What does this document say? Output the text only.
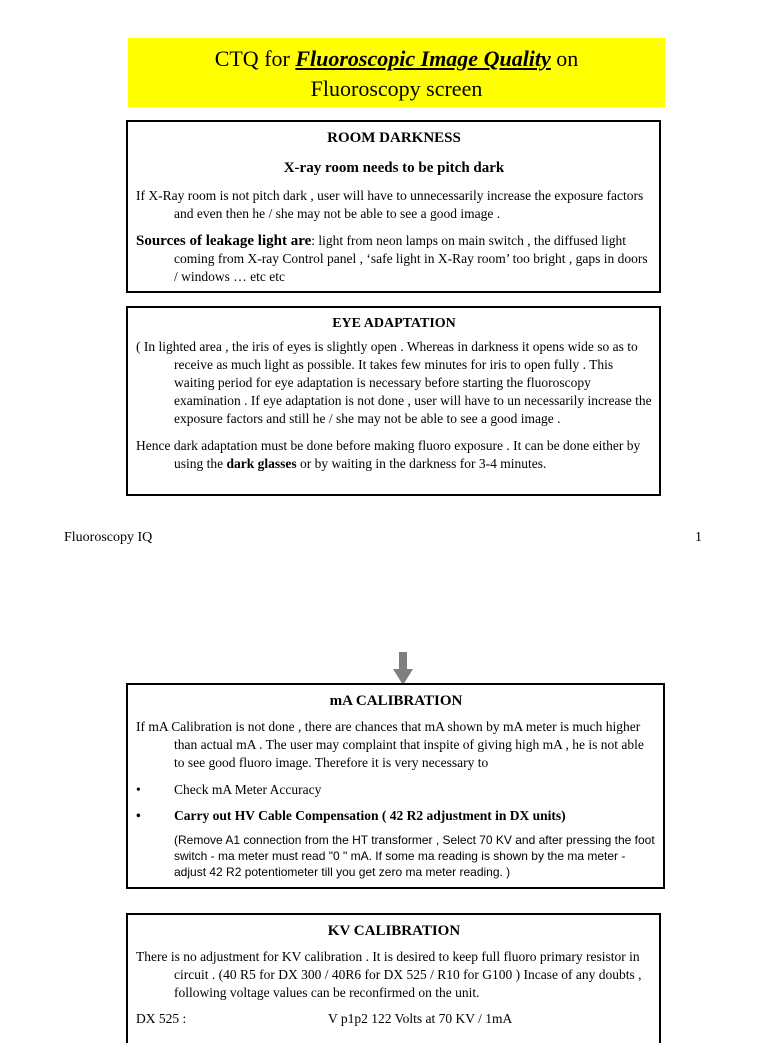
CTQ for Fluoroscopic Image Quality on
Fluoroscopy screen
ROOM DARKNESS
X-ray room needs to be pitch dark

If X-Ray room is not pitch dark , user will have to unnecessarily increase the exposure factors and even then he / she may not be able to see a good image .

Sources of leakage light are: light from neon lamps on main switch , the diffused light coming from X-ray Control panel , ‘safe light in X-Ray room’ too bright , gaps in doors / windows … etc etc

EYE ADAPTATION

( In lighted area , the iris of eyes is slightly open . Whereas in darkness it opens wide so as to receive as much light as possible. It takes few minutes for iris to open fully . This waiting period for eye adaptation is necessary before starting the fluoroscopy examination . If eye adaptation is not done , user will have to un necessarily increase the exposure factors and still he / she may not be able to see a good image .

Hence dark adaptation must be done before making fluoro exposure . It can be done either by using the dark glasses or by waiting in the darkness for 3-4 minutes.

Fluoroscopy IQ	1
mA CALIBRATION

If mA Calibration is not done , there are chances that mA shown by mA meter is much higher than actual mA . The user may complaint that inspite of giving high mA , he is not able to see good fluoro image. Therefore it is very necessary to

• Check mA Meter Accuracy

• Carry out HV Cable Compensation ( 42 R2 adjustment in DX units)

(Remove A1 connection from the HT transformer , Select 70 KV and after pressing the foot switch - ma meter must read "0 " mA. If some ma reading is shown by the ma meter - adjust 42 R2 potentiometer till you get zero ma meter reading. )

KV CALIBRATION

There is no adjustment for KV calibration . It is desired to keep full fluoro primary resistor in circuit . (40 R5 for DX 300 / 40R6 for DX 525 / R10 for G100 ) Incase of any doubts , following voltage values can be reconfirmed on the unit.

DX 525 :	V p1p2 122 Volts at 70 KV / 1mA
